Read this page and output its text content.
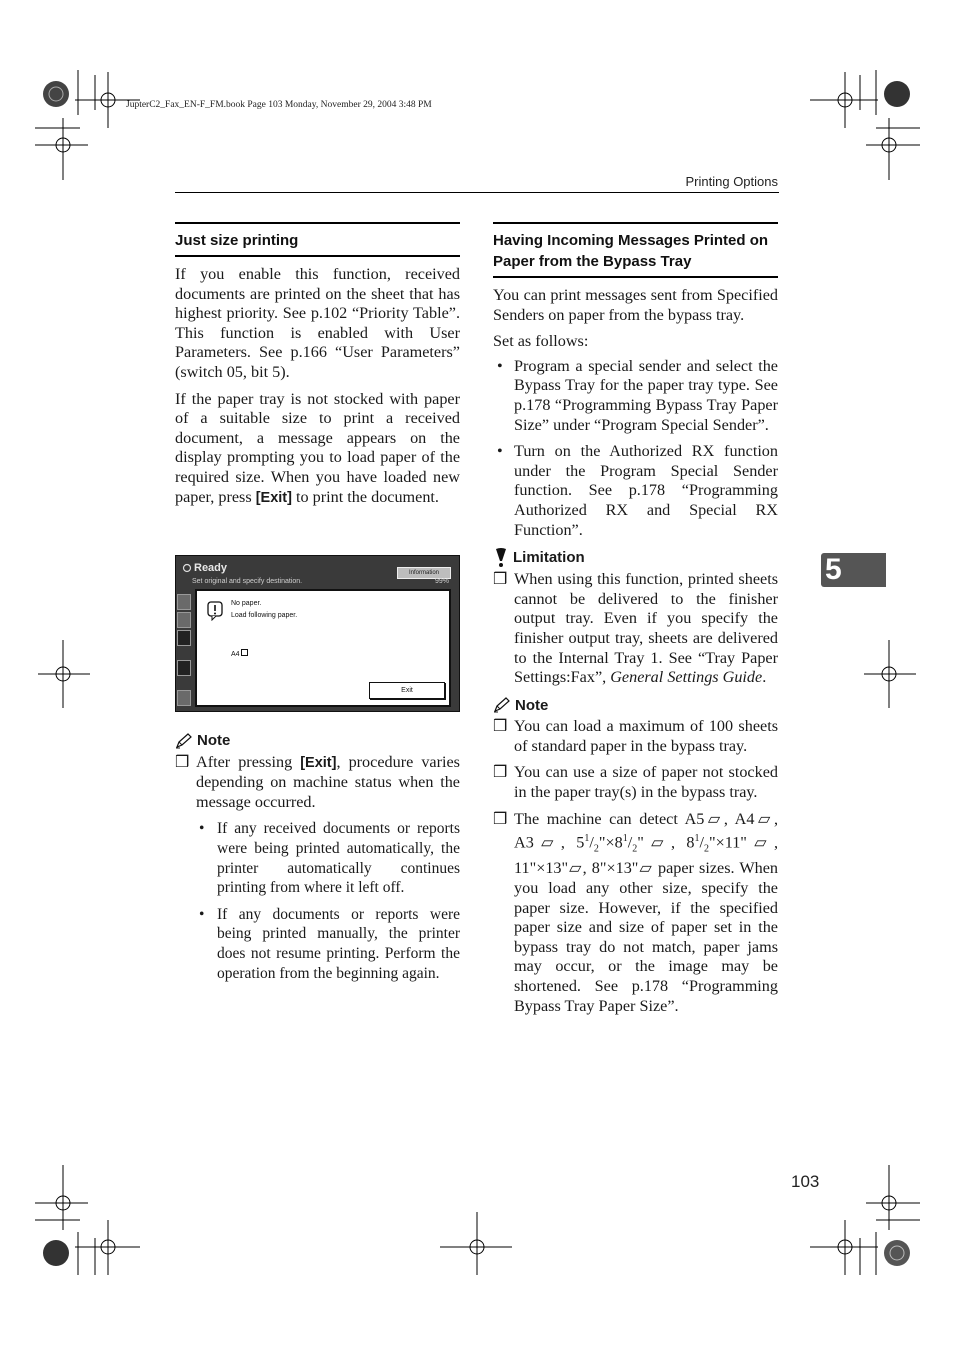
JupterC2_Fax_EN-F_FM.book Page 103 Monday, November 29, 2004 3:48 PM
Printing Options
5
103
Just size printing

If you enable this function, received documents are printed on the sheet that has highest priority. See p.102 “Priority Table”. This function is enabled with User Parameters. See p.166 “User Parameters” (switch 05, bit 5).

If the paper tray is not stocked with paper of a suitable size to print a received document, a message appears on the display prompting you to load paper of the required size. When you have loaded new paper, press [Exit] to print the document.

Ready	Information
Set original and specify destination.	99%
No paper.
Load following paper.
A4
Exit
Note
❒ After pressing [Exit], procedure varies depending on machine status when the message occurred.
• If any received documents or reports were being printed automatically, the printer automatically continues printing from where it left off.
• If any documents or reports were being printed manually, the printer does not resume printing. Perform the operation from the beginning again.
Having Incoming Messages Printed on Paper from the Bypass Tray

You can print messages sent from Specified Senders on paper from the bypass tray.

Set as follows:

• Program a special sender and select the Bypass Tray for the paper tray type. See p.178 “Programming Bypass Tray Paper Size” under “Program Special Sender”.
• Turn on the Authorized RX function under the Program Special Sender function. See p.178 “Programming Authorized RX and Special RX Function”.
Limitation
❒ When using this function, printed sheets cannot be delivered to the finisher output tray. Even if you specify the finisher output tray, sheets are delivered to the Internal Tray 1. See “Tray Paper Settings:Fax”, General Settings Guide.
Note
❒ You can load a maximum of 100 sheets of standard paper in the bypass tray.
❒ You can use a size of paper not stocked in the paper tray(s) in the bypass tray.
❒ The machine can detect A5▱, A4▱, A3▱, $5^1/_2"\times 8^1/_2"▱$, $8^1/_2"\times 11"▱$, 11"×13"▱, 8"×13"▱ paper sizes. When you load any other size, specify the paper size. However, if the specified paper size and size of paper set in the bypass tray do not match, paper jams may occur, or the image may be shortened. See p.178 “Programming Bypass Tray Paper Size”.
